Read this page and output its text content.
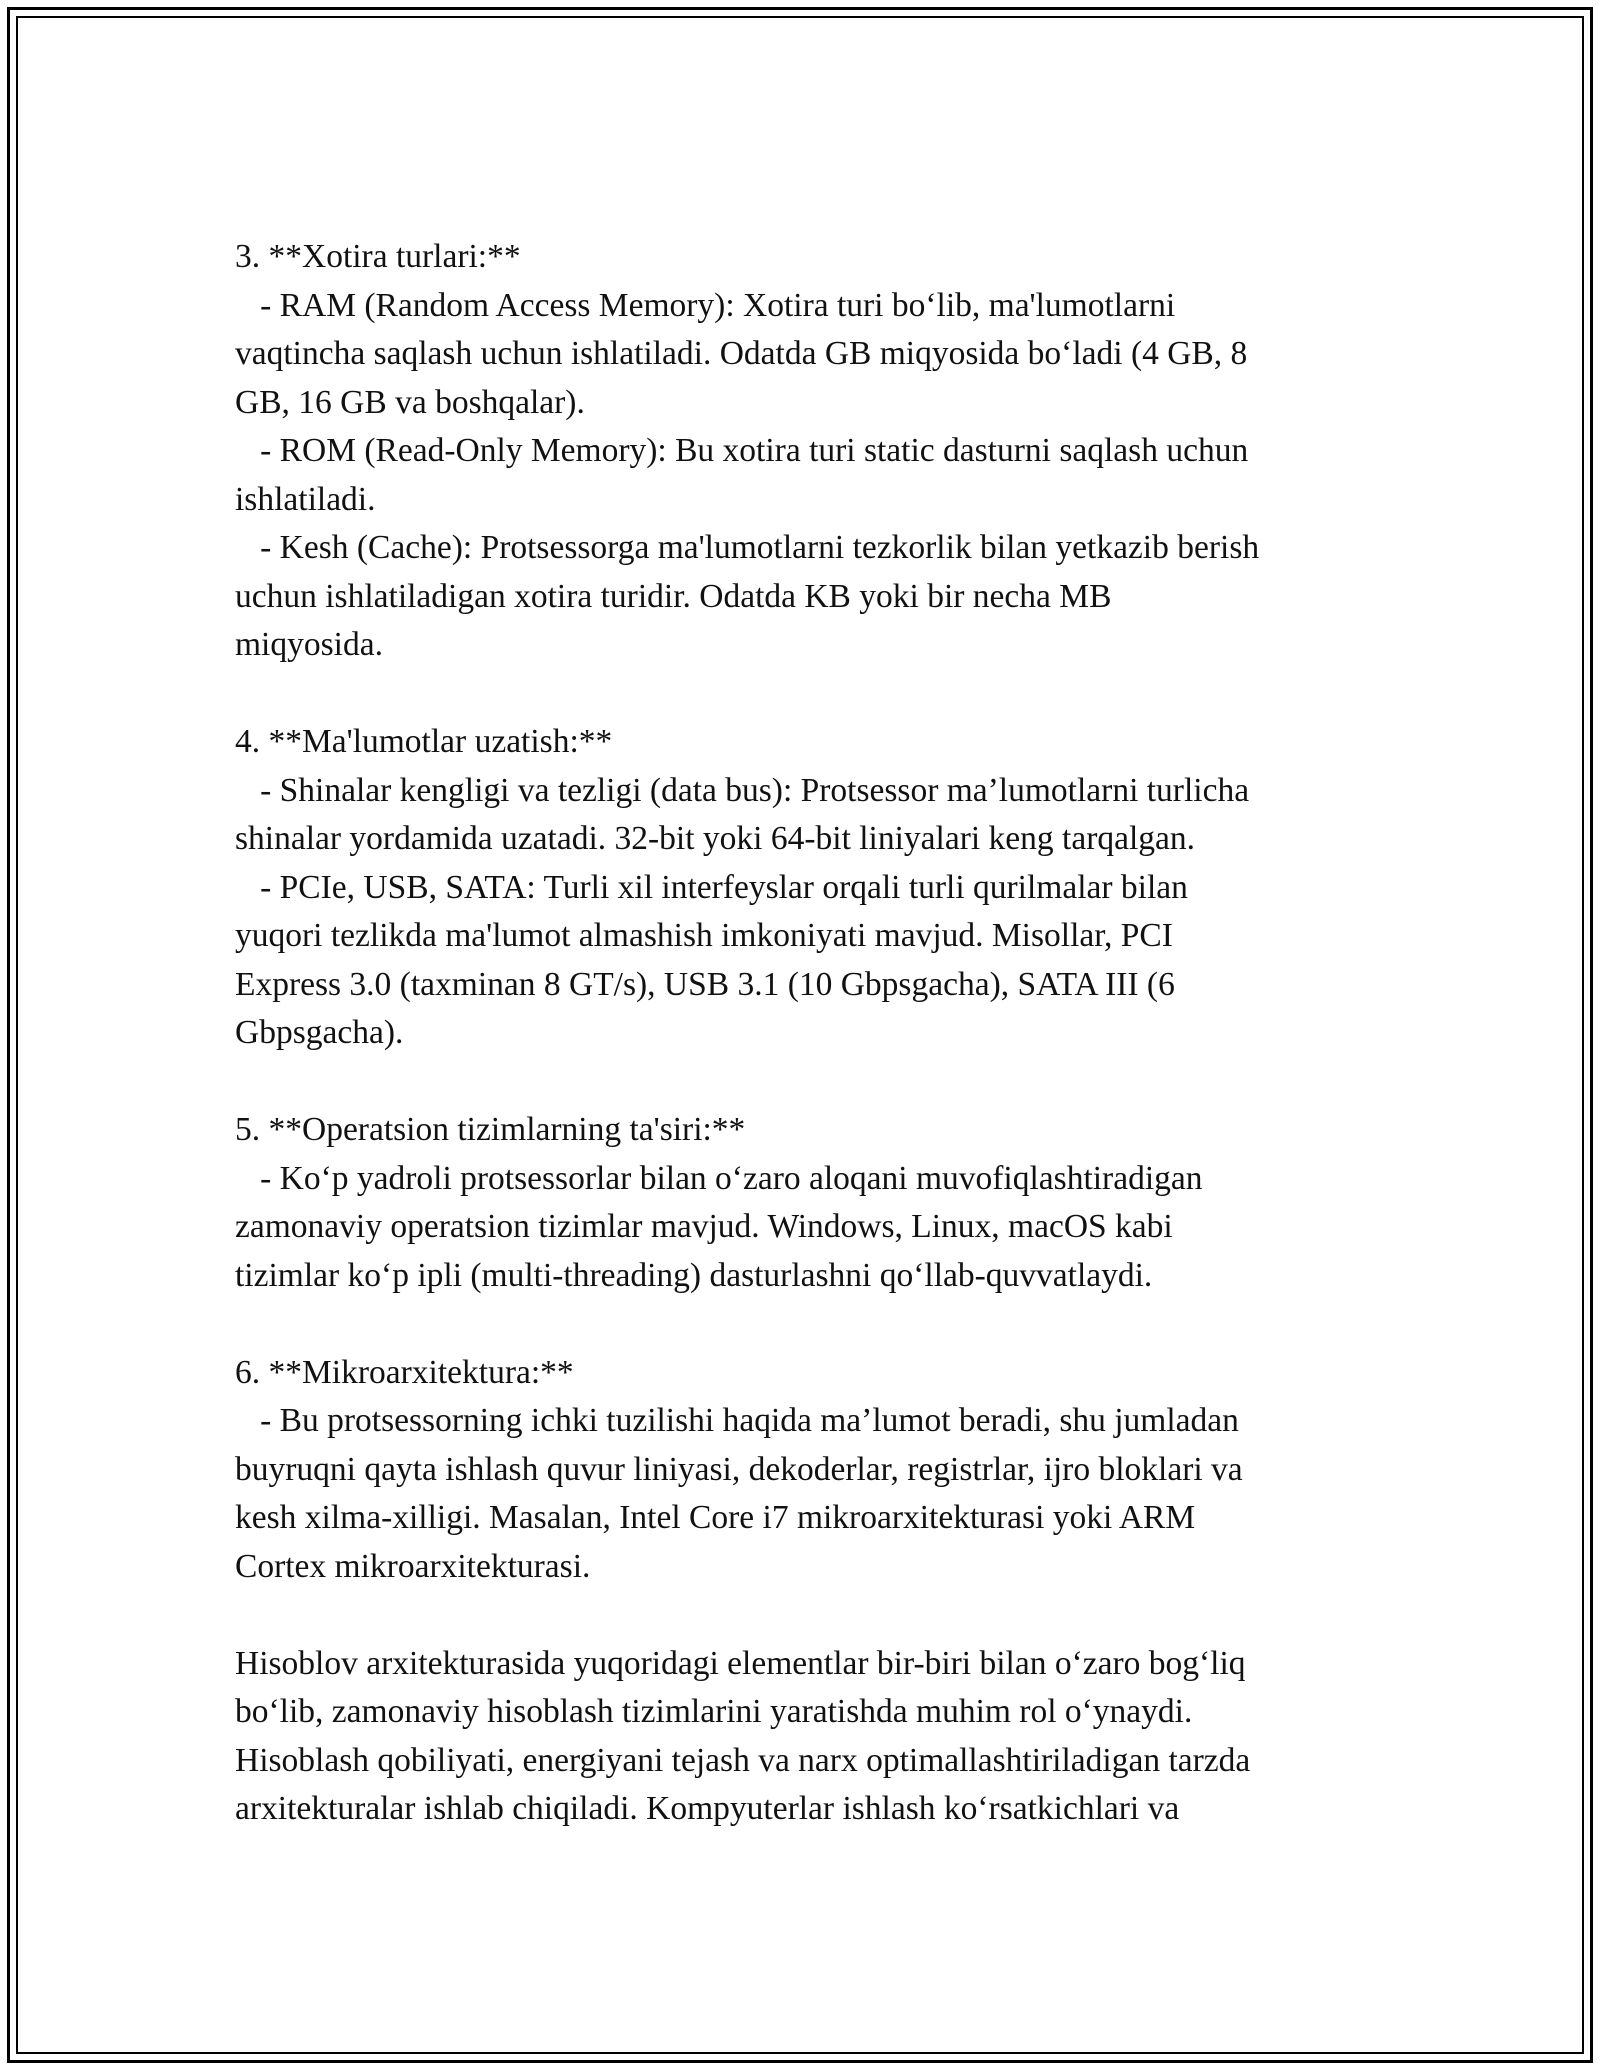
3. **Xotira turlari:**
- RAM (Random Access Memory): Xotira turi bo‘lib, ma'lumotlarni
vaqtincha saqlash uchun ishlatiladi. Odatda GB miqyosida bo‘ladi (4 GB, 8
GB, 16 GB va boshqalar).
- ROM (Read-Only Memory): Bu xotira turi static dasturni saqlash uchun
ishlatiladi.
- Kesh (Cache): Protsessorga ma'lumotlarni tezkorlik bilan yetkazib berish
uchun ishlatiladigan xotira turidir. Odatda KB yoki bir necha MB
miqyosida.
4. **Ma'lumotlar uzatish:**
- Shinalar kengligi va tezligi (data bus): Protsessor ma’lumotlarni turlicha
shinalar yordamida uzatadi. 32-bit yoki 64-bit liniyalari keng tarqalgan.
- PCIe, USB, SATA: Turli xil interfeyslar orqali turli qurilmalar bilan
yuqori tezlikda ma'lumot almashish imkoniyati mavjud. Misollar, PCI
Express 3.0 (taxminan 8 GT/s), USB 3.1 (10 Gbpsgacha), SATA III (6
Gbpsgacha).
5. **Operatsion tizimlarning ta'siri:**
- Ko‘p yadroli protsessorlar bilan o‘zaro aloqani muvofiqlashtiradigan
zamonaviy operatsion tizimlar mavjud. Windows, Linux, macOS kabi
tizimlar ko‘p ipli (multi-threading) dasturlashni qo‘llab-quvvatlaydi.
6. **Mikroarxitektura:**
- Bu protsessorning ichki tuzilishi haqida ma’lumot beradi, shu jumladan
buyruqni qayta ishlash quvur liniyasi, dekoderlar, registrlar, ijro bloklari va
kesh xilma-xilligi. Masalan, Intel Core i7 mikroarxitekturasi yoki ARM
Cortex mikroarxitekturasi.
Hisoblov arxitekturasida yuqoridagi elementlar bir-biri bilan o‘zaro bog‘liq
bo‘lib, zamonaviy hisoblash tizimlarini yaratishda muhim rol o‘ynaydi.
Hisoblash qobiliyati, energiyani tejash va narx optimallashtiriladigan tarzda
arxitekturalar ishlab chiqiladi. Kompyuterlar ishlash ko‘rsatkichlari va
